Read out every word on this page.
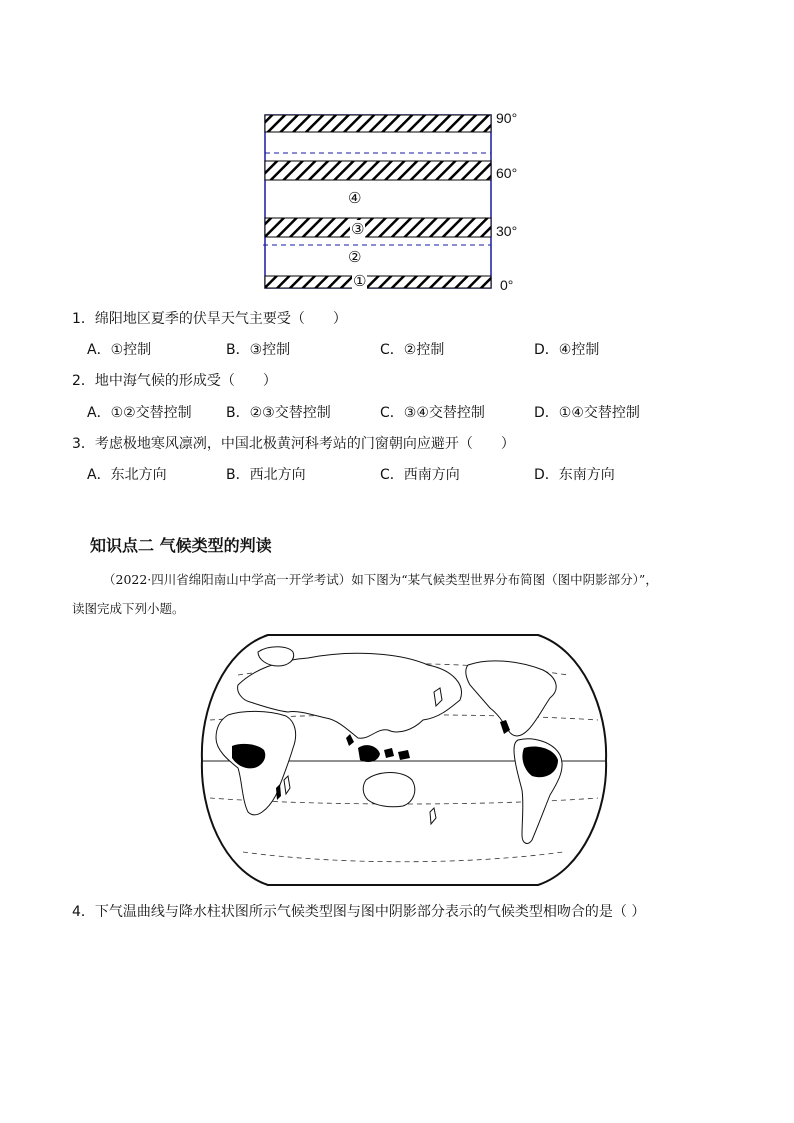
90°
60°
30°
0°
④
③
②
①
1．绵阳地区夏季的伏旱天气主要受（　　）
A．①控制	B．③控制	C．②控制	D．④控制
2．地中海气候的形成受（　　）
A．①②交替控制 B．②③交替控制	C．③④交替控制	D．①④交替控制
3．考虑极地寒风凛冽，中国北极黄河科考站的门窗朝向应避开（　　）
A．东北方向	B．西北方向	C．西南方向	D．东南方向
知识点二 气候类型的判读
（2022·四川省绵阳南山中学高一开学考试）如下图为“某气候类型世界分布简图（图中阴影部分）”，
读图完成下列小题。
4．下气温曲线与降水柱状图所示气候类型图与图中阴影部分表示的气候类型相吻合的是（ ）
